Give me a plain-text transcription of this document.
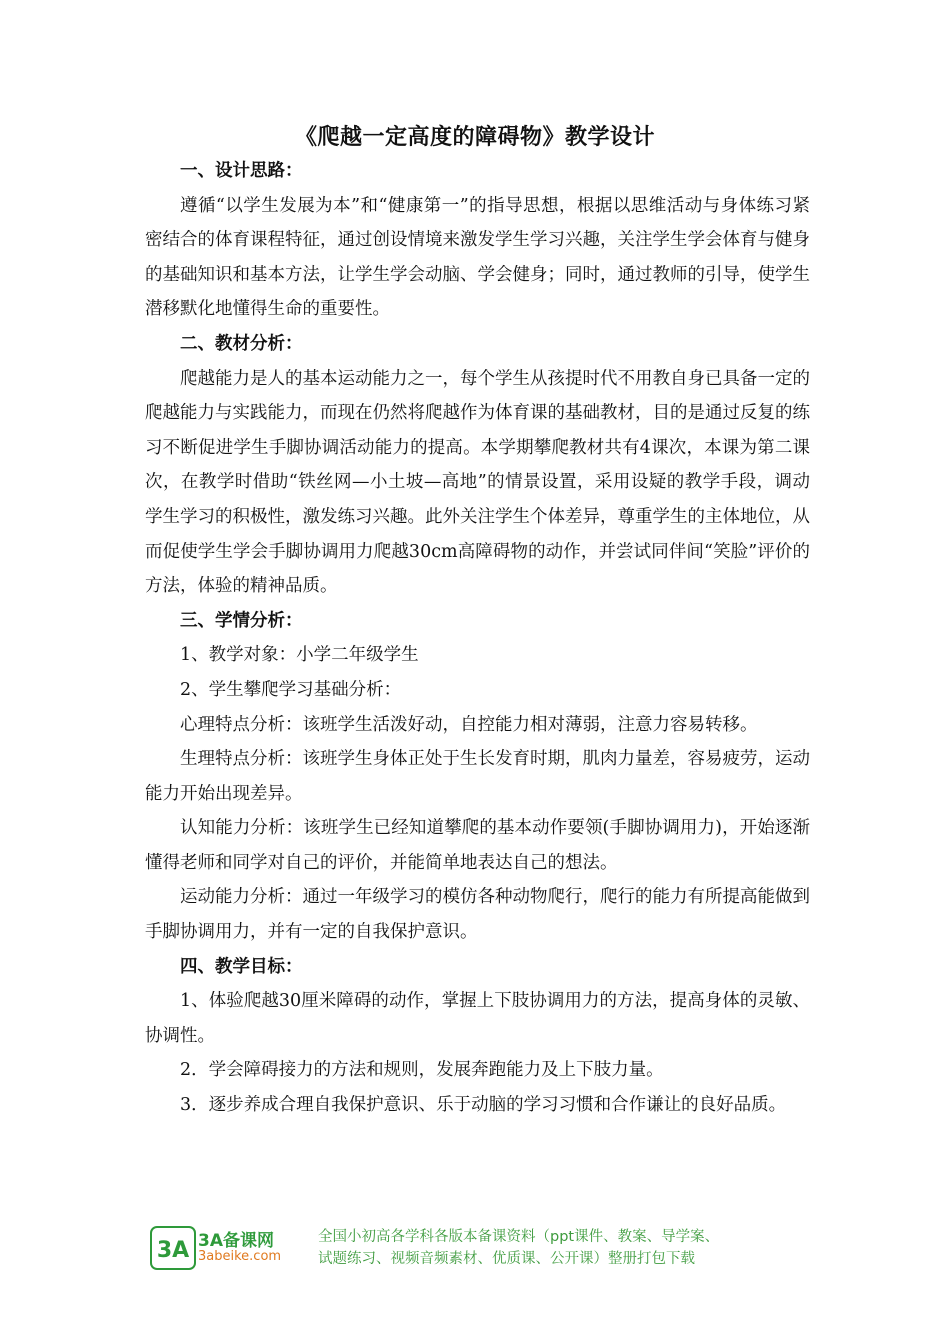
《爬越一定高度的障碍物》教学设计

一、设计思路：

遵循“以学生发展为本”和“健康第一”的指导思想，根据以思维活动与身体练习紧密结合的体育课程特征，通过创设情境来激发学生学习兴趣，关注学生学会体育与健身的基础知识和基本方法，让学生学会动脑、学会健身；同时，通过教师的引导，使学生潜移默化地懂得生命的重要性。

二、教材分析：

爬越能力是人的基本运动能力之一，每个学生从孩提时代不用教自身已具备一定的爬越能力与实践能力，而现在仍然将爬越作为体育课的基础教材，目的是通过反复的练习不断促进学生手脚协调活动能力的提高。本学期攀爬教材共有4课次，本课为第二课次，在教学时借助“铁丝网—小土坡—高地”的情景设置，采用设疑的教学手段，调动学生学习的积极性，激发练习兴趣。此外关注学生个体差异，尊重学生的主体地位，从而促使学生学会手脚协调用力爬越30cm高障碍物的动作，并尝试同伴间“笑脸”评价的方法，体验的精神品质。

三、学情分析：

1、教学对象：小学二年级学生

2、学生攀爬学习基础分析：

心理特点分析：该班学生活泼好动，自控能力相对薄弱，注意力容易转移。

生理特点分析：该班学生身体正处于生长发育时期，肌肉力量差，容易疲劳，运动能力开始出现差异。

认知能力分析：该班学生已经知道攀爬的基本动作要领(手脚协调用力)，开始逐渐懂得老师和同学对自己的评价，并能简单地表达自己的想法。

运动能力分析：通过一年级学习的模仿各种动物爬行，爬行的能力有所提高能做到手脚协调用力，并有一定的自我保护意识。

四、教学目标：

1、体验爬越30厘米障碍的动作，掌握上下肢协调用力的方法，提高身体的灵敏、协调性。

2．学会障碍接力的方法和规则，发展奔跑能力及上下肢力量。

3．逐步养成合理自我保护意识、乐于动脑的学习习惯和合作谦让的良好品质。

3A 3A备课网
3abeike.com
全国小初高各学科各版本备课资料（ppt课件、教案、导学案、
试题练习、视频音频素材、优质课、公开课）整册打包下载
